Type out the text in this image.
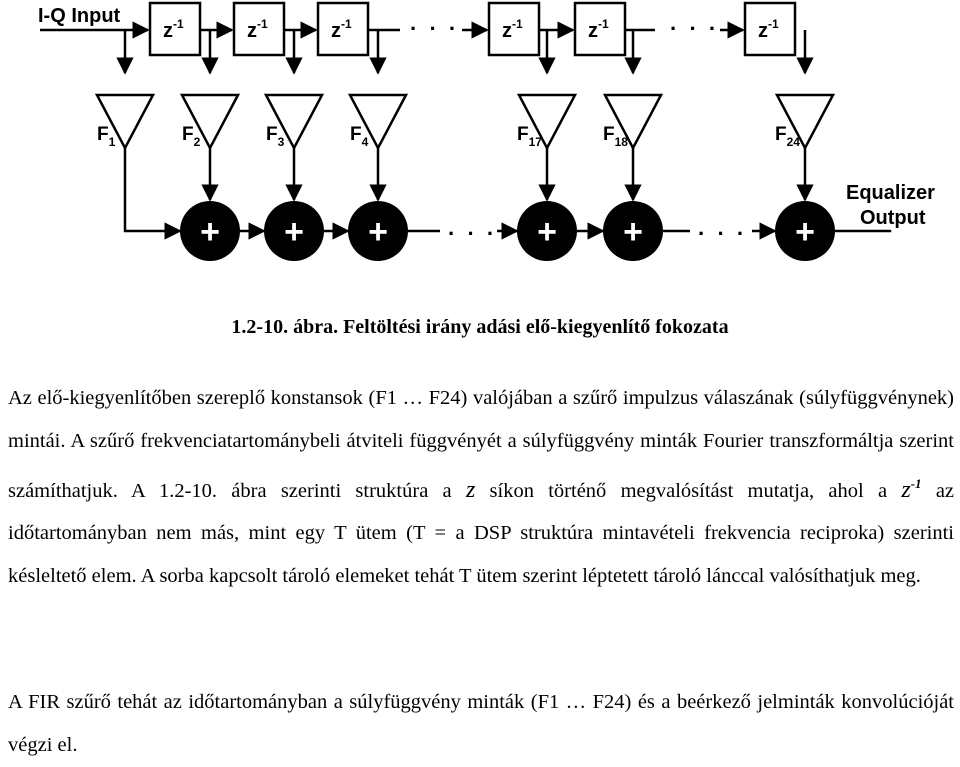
I-Q Input
$z^{-1}$	$z^{-1}$	$z^{-1}$	$z^{-1}$	$z^{-1}$	$z^{-1}$
· · ·	· · ·
$F_1$	$F_2$	$F_3$	$F_4$	$F_{17}$	$F_{18}$	$F_{24}$
+ + +	+ +	+
· · ·	· · ·
Equalizer
Output
1.2-10. ábra. Feltöltési irány adási elő-kiegyenlítő fokozata

Az elő-kiegyenlítőben szereplő konstansok (F1 … F24) valójában a szűrő impulzus válaszának (súlyfüggvénynek) mintái. A szűrő frekvenciatartománybeli átviteli függvényét a súlyfüggvény minták Fourier transzformáltja szerint számíthatjuk. A 1.2-10. ábra szerinti struktúra a z síkon történő megvalósítást mutatja, ahol a $z^{-1}$ az időtartományban nem más, mint egy T ütem (T = a DSP struktúra mintavételi frekvencia reciproka) szerinti késleltető elem. A sorba kapcsolt tároló elemeket tehát T ütem szerint léptetett tároló lánccal valósíthatjuk meg.

A FIR szűrő tehát az időtartományban a súlyfüggvény minták (F1 … F24) és a beérkező jelminták konvolúcióját végzi el.
